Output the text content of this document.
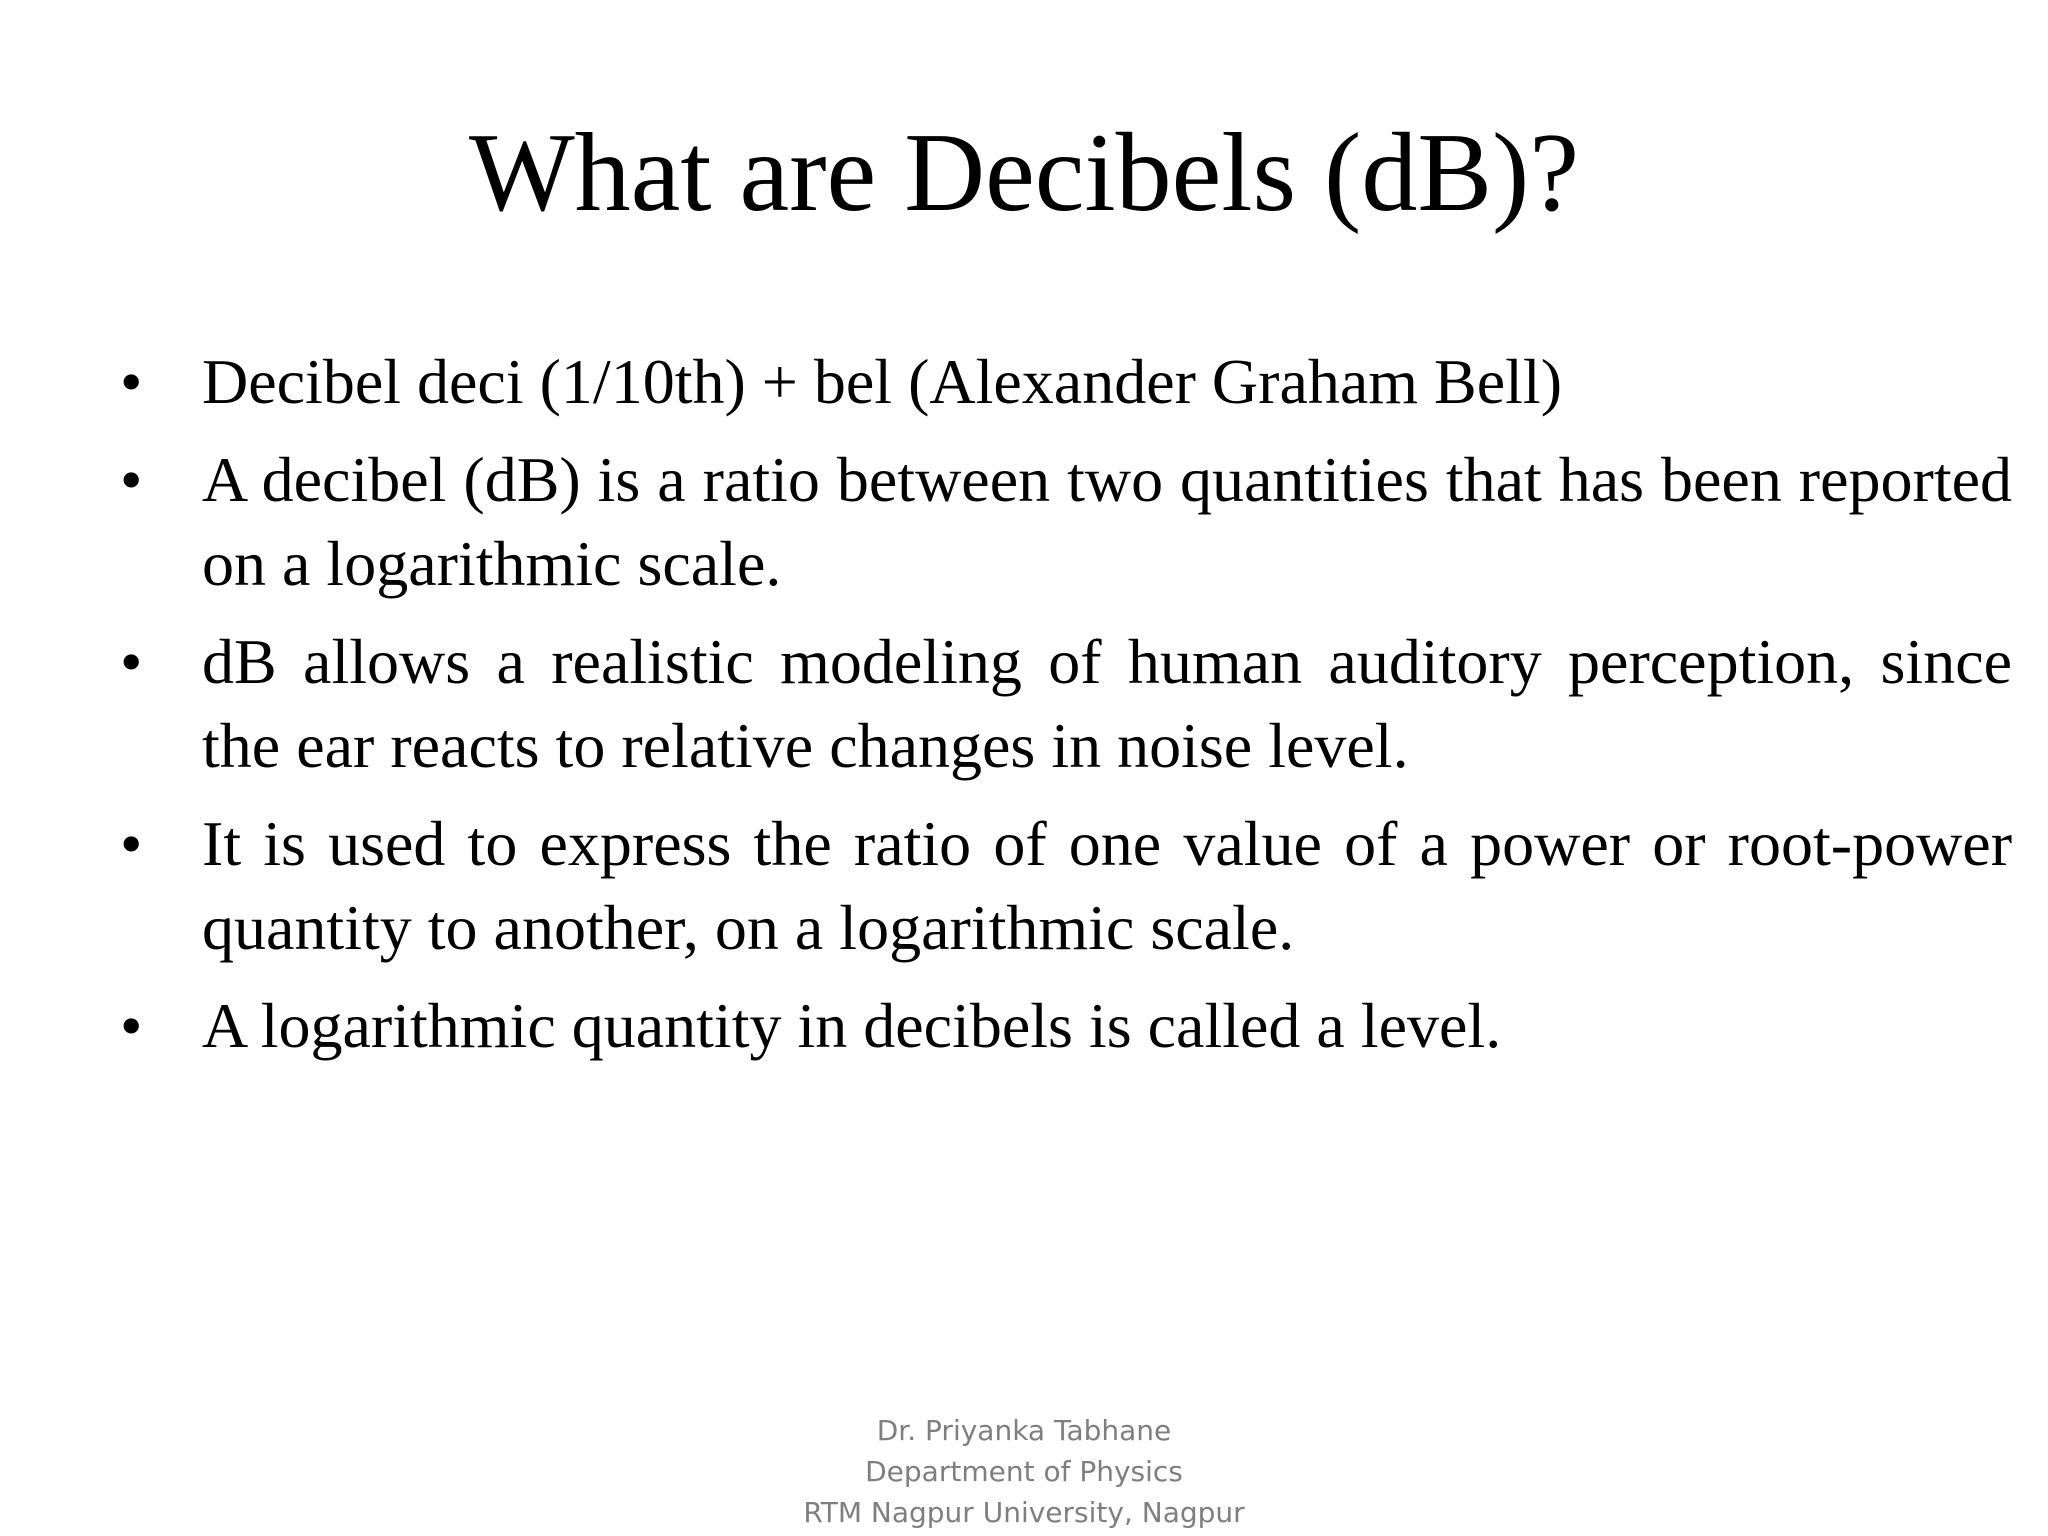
What are Decibels (dB)?
• Decibel deci (1/10th) + bel (Alexander Graham Bell)
• A decibel (dB) is a ratio between two quantities that has been reported on a logarithmic scale.
• dB allows a realistic modeling of human auditory perception, since the ear reacts to relative changes in noise level.
• It is used to express the ratio of one value of a power or root-power quantity to another, on a logarithmic scale.
• A logarithmic quantity in decibels is called a level.
Dr. Priyanka Tabhane
Department of Physics
RTM Nagpur University, Nagpur
